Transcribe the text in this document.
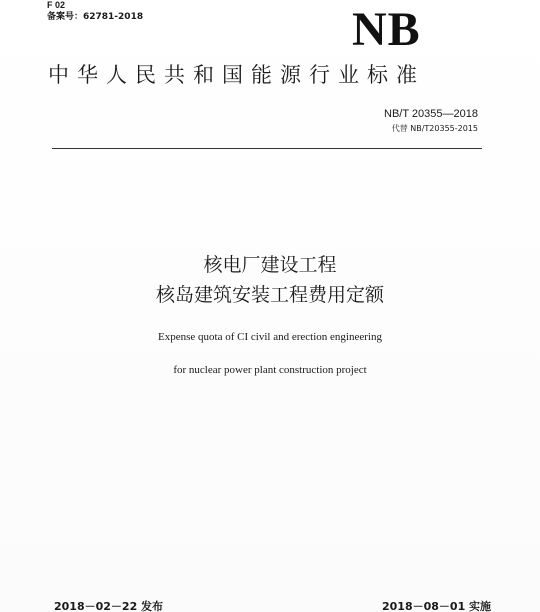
F 02
备案号：62781-2018	NB
中华人民共和国能源行业标准
NB/T 20355—2018
代替 NB/T20355-2015
核电厂建设工程
核岛建筑安装工程费用定额
Expense quota of CI civil and erection engineering
for nuclear power plant construction project
2018－02－22 发布	2018－08－01 实施
